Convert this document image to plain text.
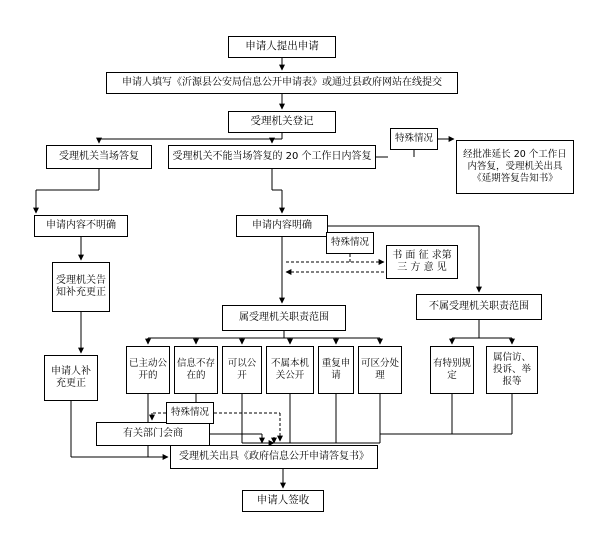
申请人提出申请
申请人填写《沂源县公安局信息公开申请表》或通过县政府网站在线提交
受理机关登记
受理机关当场答复	受理机关不能当场答复的 20 个工作日内答复	经批准延长 20 个工作日内答复，受理机关出具《延期答复告知书》
申请内容不明确	申请内容明确
书 面 征 求第 三 方 意 见
受理机关告知补充更正
属受理机关职责范围
不属受理机关职责范围
申请人补充更正
已主动公开的
信息不存在的
可以公开
不属本机关公开
重复申请
可区分处理
有特别规定
属信访、投诉、举报等
有关部门会商
受理机关出具《政府信息公开申请答复书》
申请人签收
特殊情况
特殊情况
特殊情况
